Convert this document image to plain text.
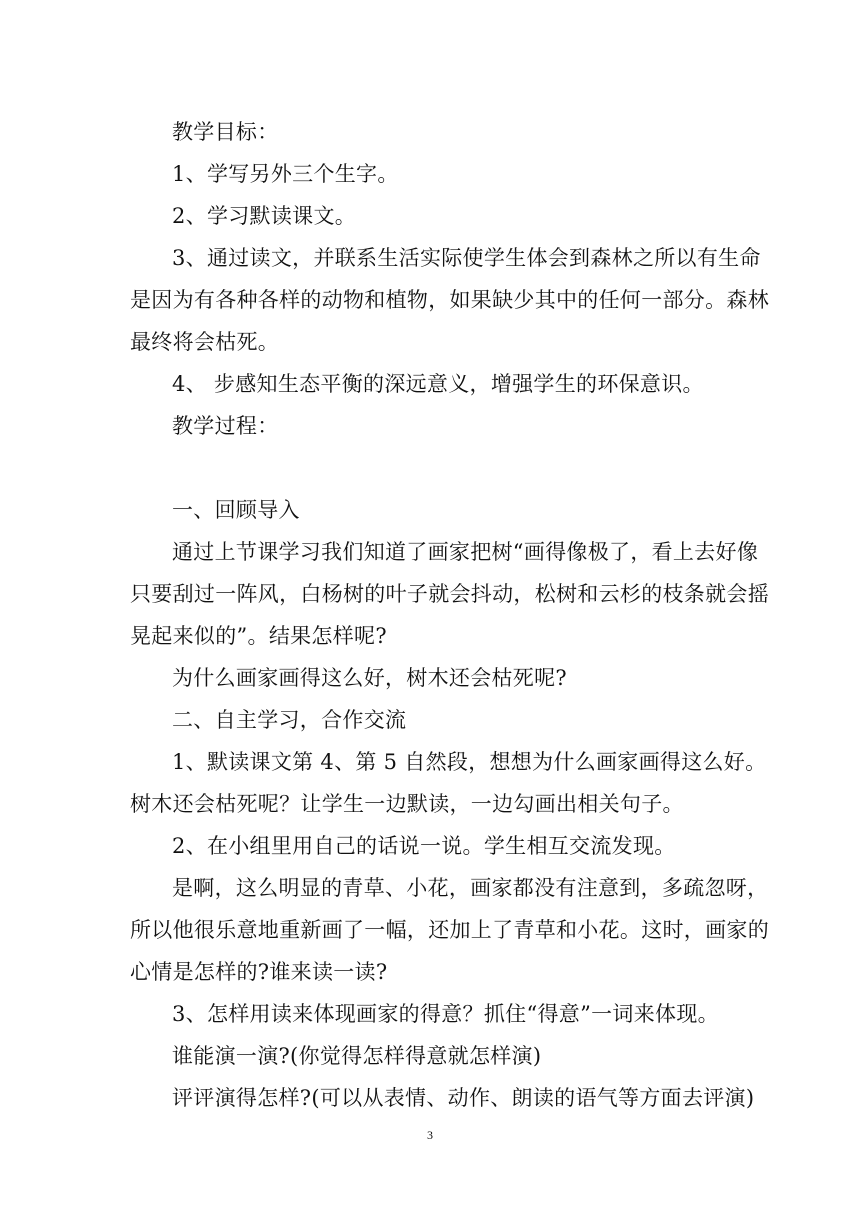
教学目标：
1、学写另外三个生字。
2、学习默读课文。
3、通过读文，并联系生活实际使学生体会到森林之所以有生命
是因为有各种各样的动物和植物，如果缺少其中的任何一部分。森林
最终将会枯死。
4、 步感知生态平衡的深远意义，增强学生的环保意识。
教学过程：
一、回顾导入
通过上节课学习我们知道了画家把树“画得像极了，看上去好像
只要刮过一阵风，白杨树的叶子就会抖动，松树和云杉的枝条就会摇
晃起来似的”。结果怎样呢?
为什么画家画得这么好，树木还会枯死呢?
二、自主学习，合作交流
1、默读课文第 4、第 5 自然段，想想为什么画家画得这么好。
树木还会枯死呢？让学生一边默读，一边勾画出相关句子。
2、在小组里用自己的话说一说。学生相互交流发现。
是啊，这么明显的青草、小花，画家都没有注意到，多疏忽呀，
所以他很乐意地重新画了一幅，还加上了青草和小花。这时，画家的
心情是怎样的?谁来读一读?
3、怎样用读来体现画家的得意？抓住“得意”一词来体现。
谁能演一演?(你觉得怎样得意就怎样演)
评评演得怎样?(可以从表情、动作、朗读的语气等方面去评演)
3
